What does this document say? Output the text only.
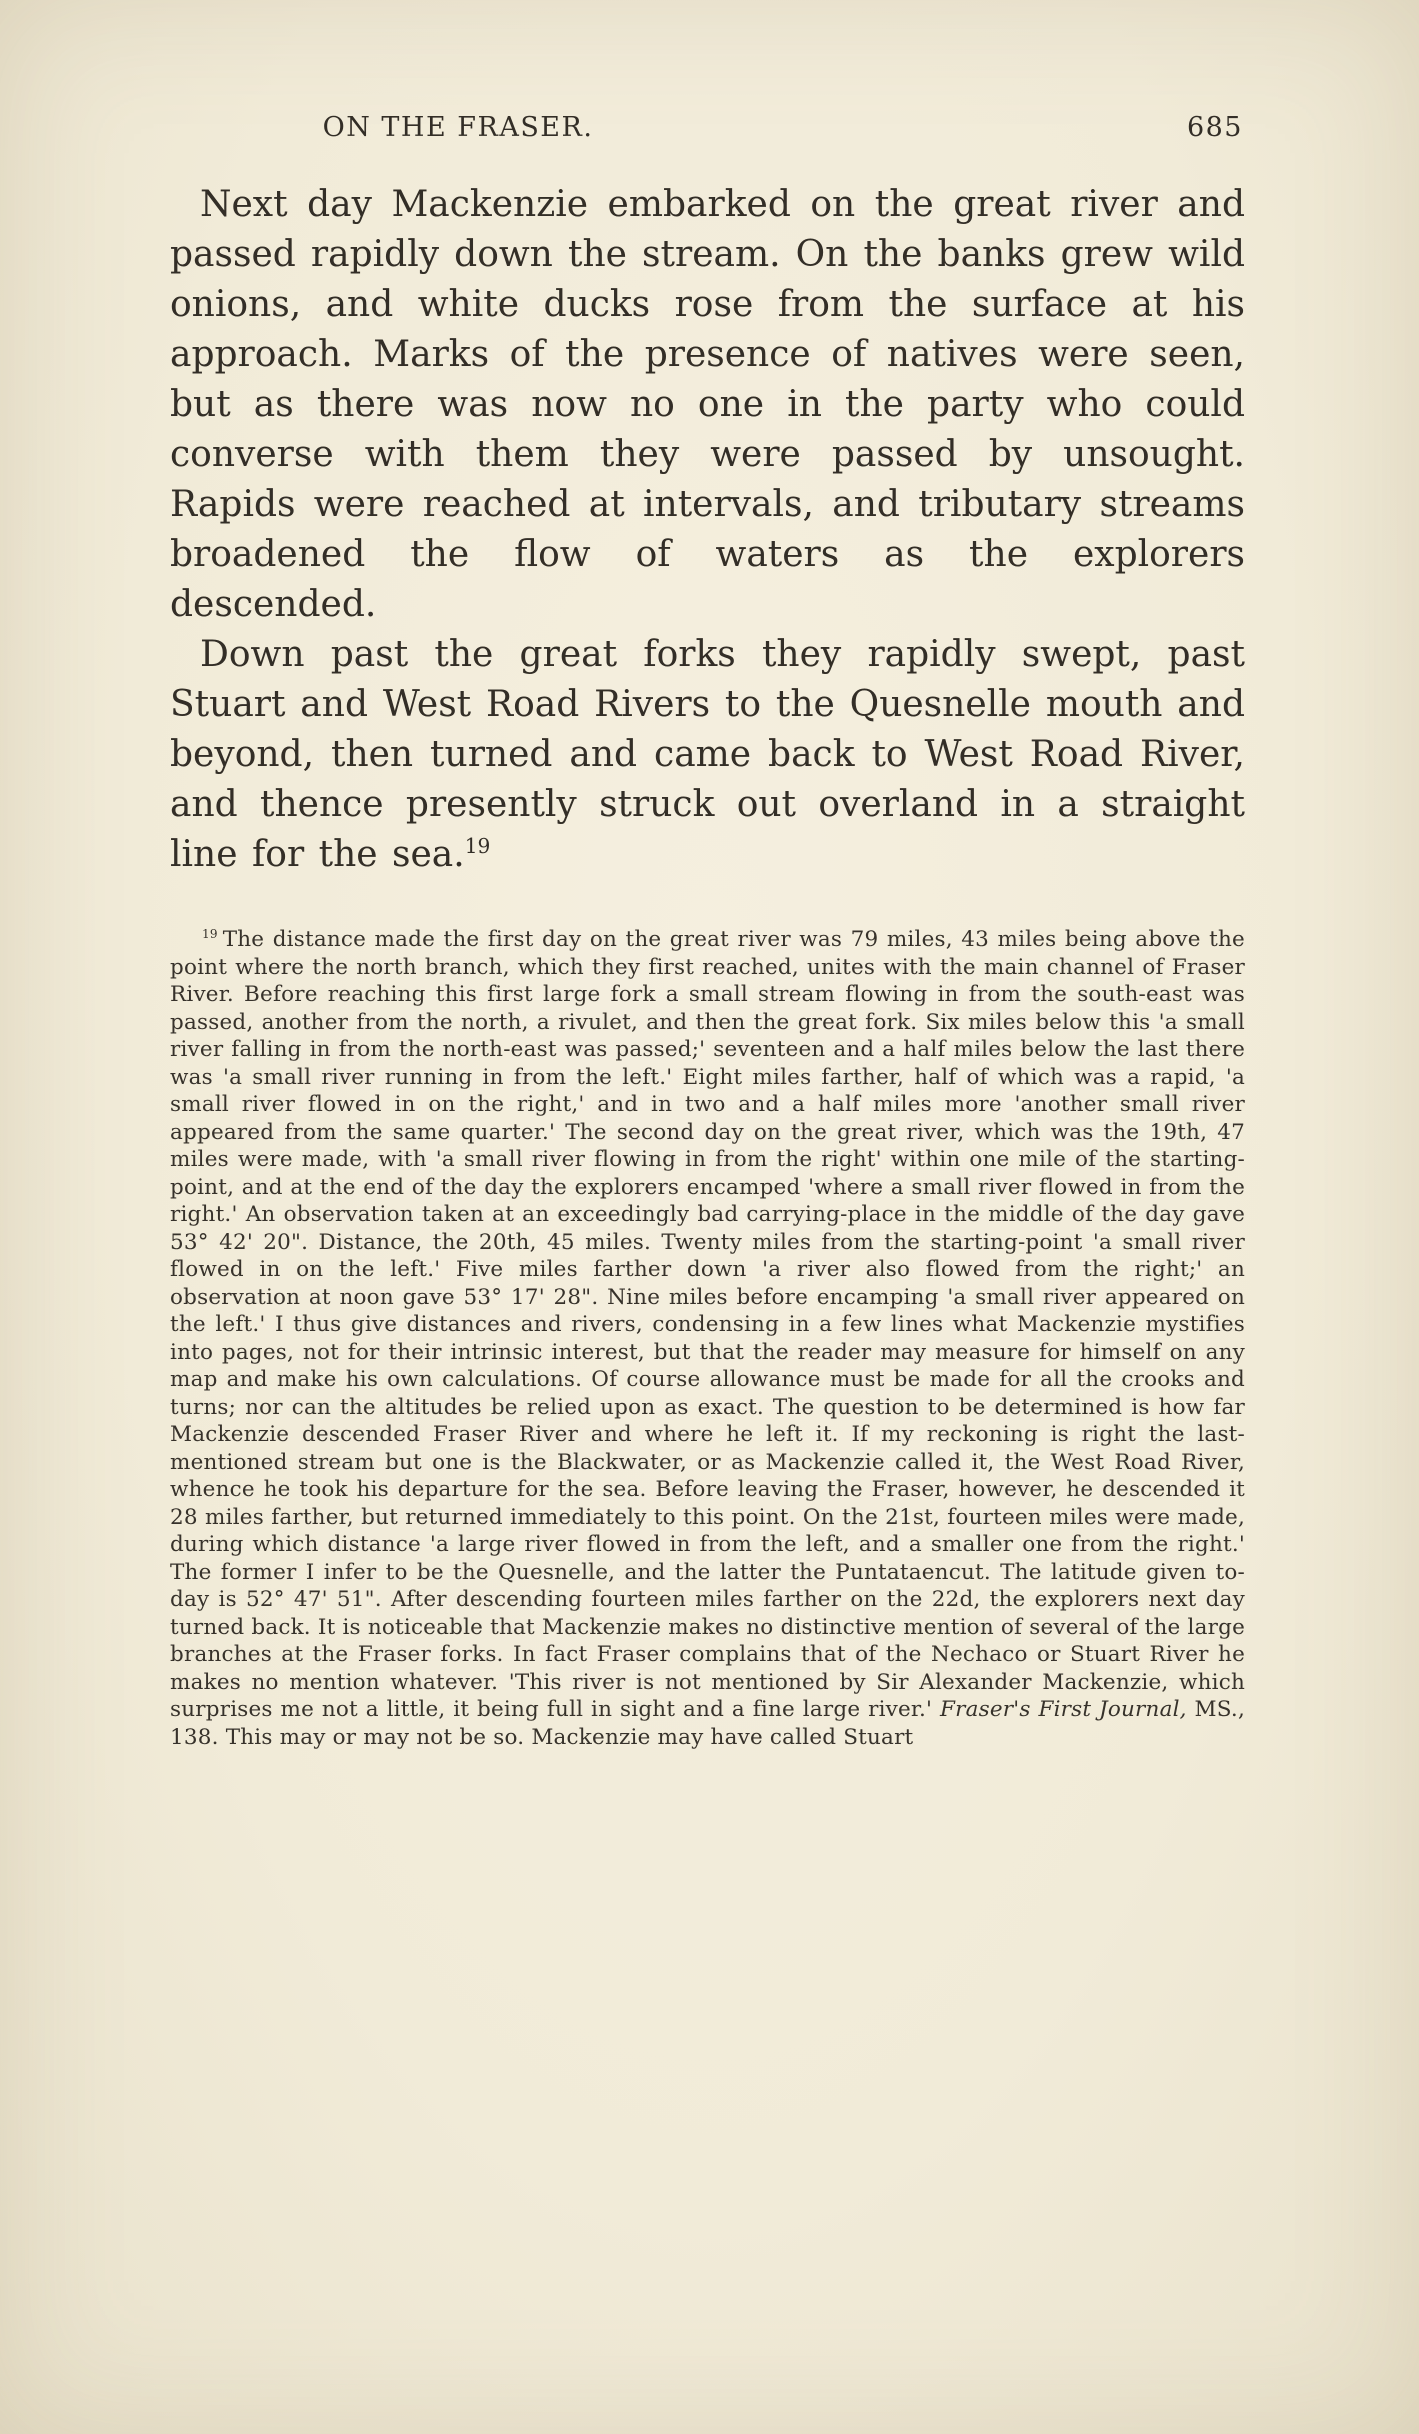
ON THE FRASER.	685

Next day Mackenzie embarked on the great river and passed rapidly down the stream. On the banks grew wild onions, and white ducks rose from the surface at his approach. Marks of the presence of natives were seen, but as there was now no one in the party who could converse with them they were passed by unsought. Rapids were reached at intervals, and tributary streams broadened the flow of waters as the explorers descended.

Down past the great forks they rapidly swept, past Stuart and West Road Rivers to the Quesnelle mouth and beyond, then turned and came back to West Road River, and thence presently struck out overland in a straight line for the sea.$^{19}$

$^{19}$ The distance made the first day on the great river was 79 miles, 43 miles being above the point where the north branch, which they first reached, unites with the main channel of Fraser River. Before reaching this first large fork a small stream flowing in from the south-east was passed, another from the north, a rivulet, and then the great fork. Six miles below this 'a small river falling in from the north-east was passed;' seventeen and a half miles below the last there was 'a small river running in from the left.' Eight miles farther, half of which was a rapid, 'a small river flowed in on the right,' and in two and a half miles more 'another small river appeared from the same quarter.' The second day on the great river, which was the 19th, 47 miles were made, with 'a small river flowing in from the right' within one mile of the starting-point, and at the end of the day the explorers encamped 'where a small river flowed in from the right.' An observation taken at an exceedingly bad carrying-place in the middle of the day gave 53° 42' 20". Distance, the 20th, 45 miles. Twenty miles from the starting-point 'a small river flowed in on the left.' Five miles farther down 'a river also flowed from the right;' an observation at noon gave 53° 17' 28". Nine miles before encamping 'a small river appeared on the left.' I thus give distances and rivers, condensing in a few lines what Mackenzie mystifies into pages, not for their intrinsic interest, but that the reader may measure for himself on any map and make his own calculations. Of course allowance must be made for all the crooks and turns; nor can the altitudes be relied upon as exact. The question to be determined is how far Mackenzie descended Fraser River and where he left it. If my reckoning is right the last-mentioned stream but one is the Blackwater, or as Mackenzie called it, the West Road River, whence he took his departure for the sea. Before leaving the Fraser, however, he descended it 28 miles farther, but returned immediately to this point. On the 21st, fourteen miles were made, during which distance 'a large river flowed in from the left, and a smaller one from the right.' The former I infer to be the Quesnelle, and the latter the Puntataencut. The latitude given to-day is 52° 47' 51". After descending fourteen miles farther on the 22d, the explorers next day turned back. It is noticeable that Mackenzie makes no distinctive mention of several of the large branches at the Fraser forks. In fact Fraser complains that of the Nechaco or Stuart River he makes no mention whatever. 'This river is not mentioned by Sir Alexander Mackenzie, which surprises me not a little, it being full in sight and a fine large river.' Fraser's First Journal, MS., 138. This may or may not be so. Mackenzie may have called Stuart
